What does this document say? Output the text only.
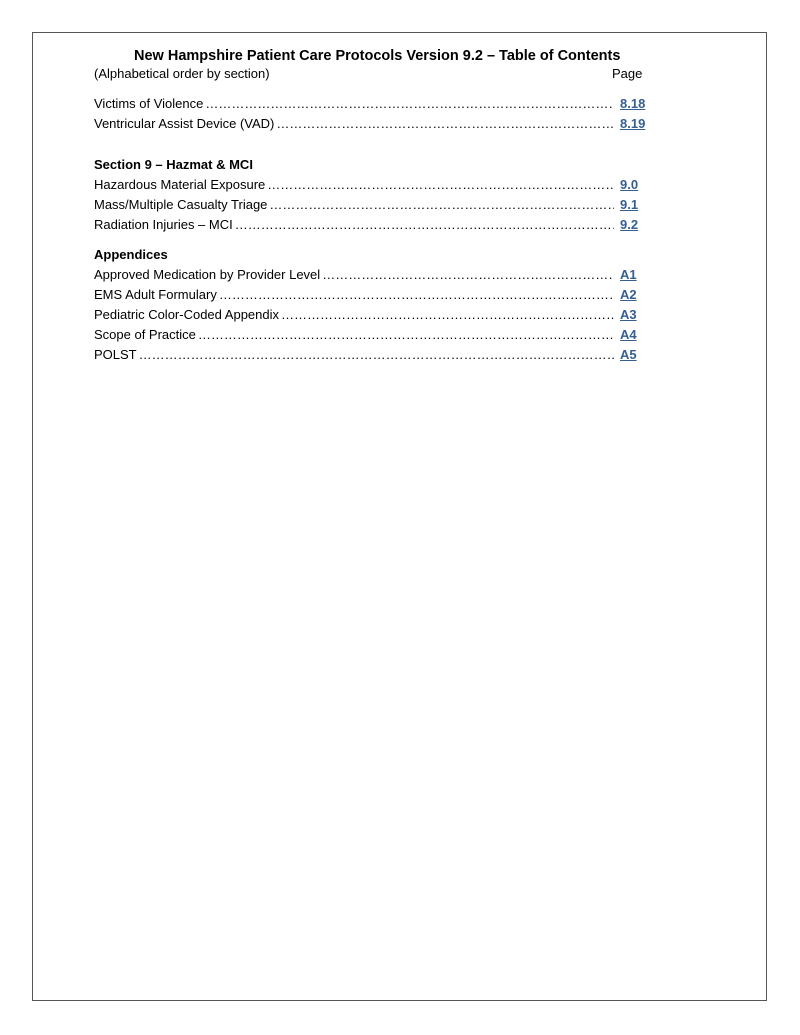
New Hampshire Patient Care Protocols Version 9.2 – Table of Contents
(Alphabetical order by section)	Page
Victims of Violence ……………………………………………………………………………………………………………………………………………………………………………………	8.18
Ventricular Assist Device (VAD) ……………………………………………………………………………………………………………………………………………………………………………………	8.19
Section 9 – Hazmat & MCI
Hazardous Material Exposure ……………………………………………………………………………………………………………………………………………………………………………………	9.0
Mass/Multiple Casualty Triage ……………………………………………………………………………………………………………………………………………………………………………………	9.1
Radiation Injuries – MCI ……………………………………………………………………………………………………………………………………………………………………………………	9.2
Appendices
Approved Medication by Provider Level ……………………………………………………………………………………………………………………………………………………………………………………	A1
EMS Adult Formulary ……………………………………………………………………………………………………………………………………………………………………………………	A2
Pediatric Color-Coded Appendix ……………………………………………………………………………………………………………………………………………………………………………………	A3
Scope of Practice ……………………………………………………………………………………………………………………………………………………………………………………	A4
POLST ……………………………………………………………………………………………………………………………………………………………………………………	A5
